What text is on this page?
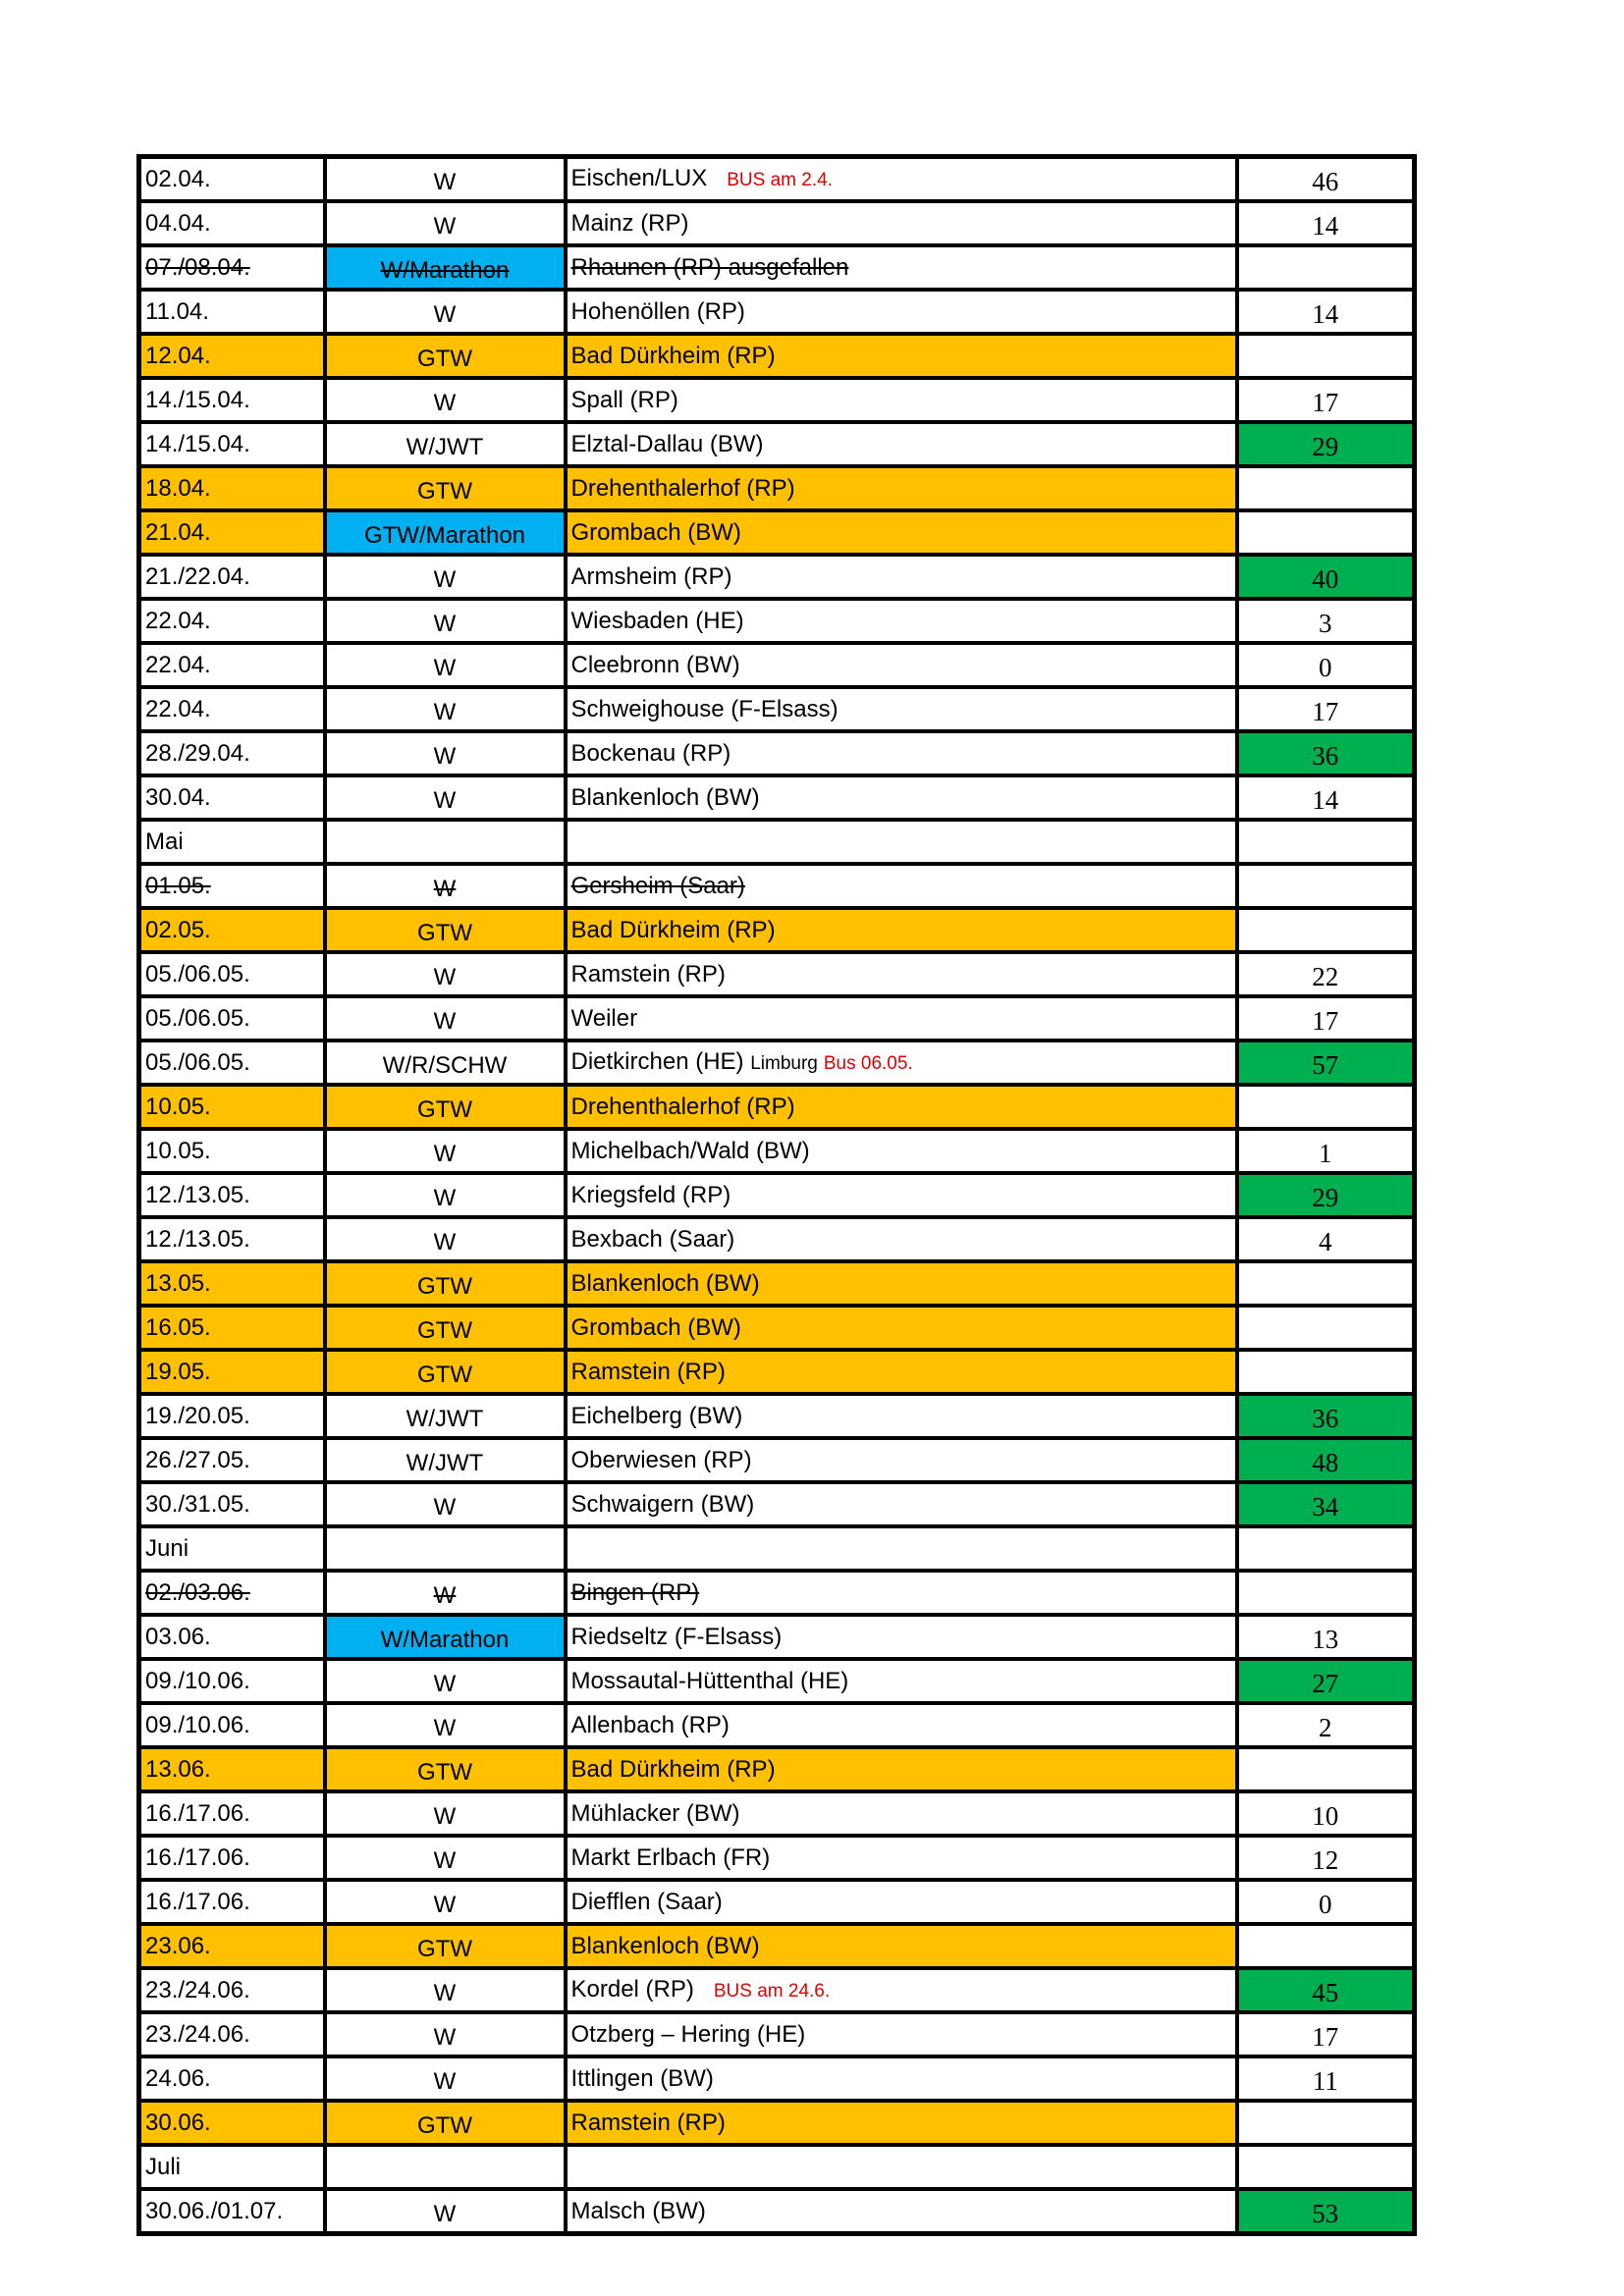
02.04.	W	Eischen/LUX BUS am 2.4.	46
04.04.	W	Mainz (RP)	14
07./08.04.	W/Marathon	Rhaunen (RP) ausgefallen	
11.04.	W	Hohenöllen (RP)	14
12.04.	GTW	Bad Dürkheim (RP)	
14./15.04.	W	Spall (RP)	17
14./15.04.	W/JWT	Elztal-Dallau (BW)	29
18.04.	GTW	Drehenthalerhof (RP)	
21.04.	GTW/Marathon	Grombach (BW)	
21./22.04.	W	Armsheim (RP)	40
22.04.	W	Wiesbaden (HE)	3
22.04.	W	Cleebronn (BW)	0
22.04.	W	Schweighouse (F-Elsass)	17
28./29.04.	W	Bockenau (RP)	36
30.04.	W	Blankenloch (BW)	14
Mai			
01.05.	W	Gersheim (Saar)	
02.05.	GTW	Bad Dürkheim (RP)	
05./06.05.	W	Ramstein (RP)	22
05./06.05.	W	Weiler	17
05./06.05.	W/R/SCHW	Dietkirchen (HE) Limburg Bus 06.05.	57
10.05.	GTW	Drehenthalerhof (RP)	
10.05.	W	Michelbach/Wald (BW)	1
12./13.05.	W	Kriegsfeld (RP)	29
12./13.05.	W	Bexbach (Saar)	4
13.05.	GTW	Blankenloch (BW)	
16.05.	GTW	Grombach (BW)	
19.05.	GTW	Ramstein (RP)	
19./20.05.	W/JWT	Eichelberg (BW)	36
26./27.05.	W/JWT	Oberwiesen (RP)	48
30./31.05.	W	Schwaigern (BW)	34
Juni			
02./03.06.	W	Bingen (RP)	
03.06.	W/Marathon	Riedseltz (F-Elsass)	13
09./10.06.	W	Mossautal-Hüttenthal (HE)	27
09./10.06.	W	Allenbach (RP)	2
13.06.	GTW	Bad Dürkheim (RP)	
16./17.06.	W	Mühlacker (BW)	10
16./17.06.	W	Markt Erlbach (FR)	12
16./17.06.	W	Diefflen (Saar)	0
23.06.	GTW	Blankenloch (BW)	
23./24.06.	W	Kordel (RP) BUS am 24.6.	45
23./24.06.	W	Otzberg – Hering (HE)	17
24.06.	W	Ittlingen (BW)	11
30.06.	GTW	Ramstein (RP)	
Juli			
30.06./01.07.	W	Malsch (BW)	53
